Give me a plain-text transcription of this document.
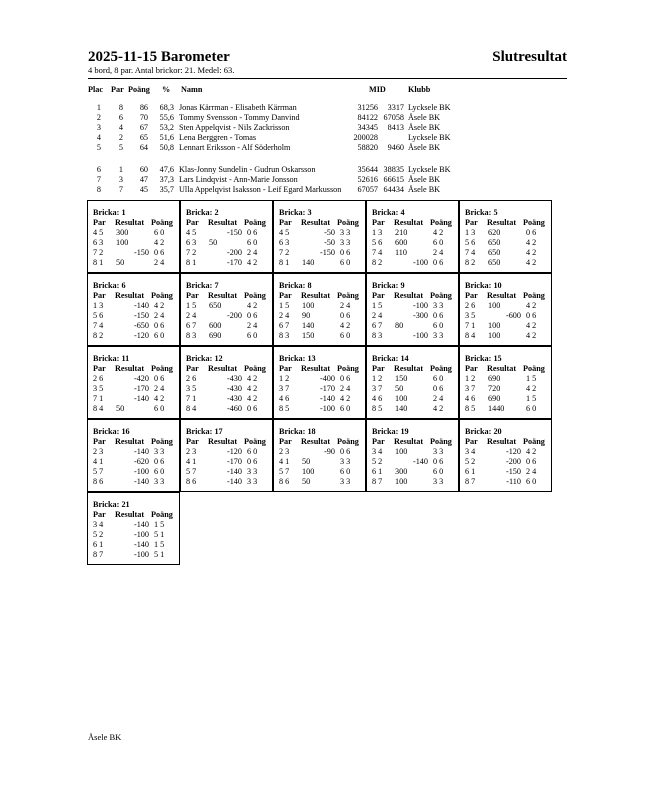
2025-11-15 Barometer	Slutresultat
4 bord, 8 par. Antal brickor: 21. Medel: 63.
Plac Par Poäng % Namn	MID	Klubb
1	8	86	68,3 Jonas Kärrman - Elisabeth Kärrman	31256	3317 Lycksele BK
2	6	70	55,6 Tommy Svensson - Tommy Danvind	84122 67058 Åsele BK
3	4	67	53,2 Sten Appelqvist - Nils Zackrisson	34345	8413 Åsele BK
4	2	65	51,6 Lena Berggren - Tomas	200028	Lycksele BK
5	5	64	50,8 Lennart Eriksson - Alf Söderholm	58820	9460 Åsele BK
6	1	60	47,6 Klas-Jonny Sundelin - Gudrun Oskarsson	35644 38835 Lycksele BK
7	3	47	37,3 Lars Lindqvist - Ann-Marie Jonsson	52616 66615 Åsele BK
8	7	45	35,7 Ulla Appelqvist Isaksson - Leif Egard Markusson	67057 64434 Åsele BK
Bricka: 1
Par Resultat Poäng
4 5 300	6 0
6 3 100	4 2
7 2	-150 0 6
8 1 50	2 4
Bricka: 2
Par Resultat Poäng
4 5	-150 0 6
6 3 50	6 0
7 2	-200 2 4
8 1	-170 4 2
Bricka: 3
Par Resultat Poäng
4 5	-50 3 3
6 3	-50 3 3
7 2	-150 0 6
8 1 140	6 0
Bricka: 4
Par Resultat Poäng
1 3 210	4 2
5 6 600	6 0
7 4 110	2 4
8 2	-100 0 6
Bricka: 5
Par Resultat Poäng
1 3 620	0 6
5 6 650	4 2
7 4 650	4 2
8 2 650	4 2
Bricka: 6
Par Resultat Poäng
1 3	-140 4 2
5 6	-150 2 4
7 4	-650 0 6
8 2	-120 6 0
Bricka: 7
Par Resultat Poäng
1 5 650	4 2
2 4	-200 0 6
6 7 600	2 4
8 3 690	6 0
Bricka: 8
Par Resultat Poäng
1 5 100	2 4
2 4 90	0 6
6 7 140	4 2
8 3 150	6 0
Bricka: 9
Par Resultat Poäng
1 5	-100 3 3
2 4	-300 0 6
6 7 80	6 0
8 3	-100 3 3
Bricka: 10
Par Resultat Poäng
2 6 100	4 2
3 5	-600 0 6
7 1 100	4 2
8 4 100	4 2
Bricka: 11
Par Resultat Poäng
2 6	-420 0 6
3 5	-170 2 4
7 1	-140 4 2
8 4 50	6 0
Bricka: 12
Par Resultat Poäng
2 6	-430 4 2
3 5	-430 4 2
7 1	-430 4 2
8 4	-460 0 6
Bricka: 13
Par Resultat Poäng
1 2	-400 0 6
3 7	-170 2 4
4 6	-140 4 2
8 5	-100 6 0
Bricka: 14
Par Resultat Poäng
1 2 150	6 0
3 7 50	0 6
4 6 100	2 4
8 5 140	4 2
Bricka: 15
Par Resultat Poäng
1 2 690	1 5
3 7 720	4 2
4 6 690	1 5
8 5 1440	6 0
Bricka: 16
Par Resultat Poäng
2 3	-140 3 3
4 1	-620 0 6
5 7	-100 6 0
8 6	-140 3 3
Bricka: 17
Par Resultat Poäng
2 3	-120 6 0
4 1	-170 0 6
5 7	-140 3 3
8 6	-140 3 3
Bricka: 18
Par Resultat Poäng
2 3	-90 0 6
4 1 50	3 3
5 7 100	6 0
8 6 50	3 3
Bricka: 19
Par Resultat Poäng
3 4 100	3 3
5 2	-140 0 6
6 1 300	6 0
8 7 100	3 3
Bricka: 20
Par Resultat Poäng
3 4	-120 4 2
5 2	-200 0 6
6 1	-150 2 4
8 7	-110 6 0
Bricka: 21
Par Resultat Poäng
3 4	-140 1 5
5 2	-100 5 1
6 1	-140 1 5
8 7	-100 5 1
Åsele BK
